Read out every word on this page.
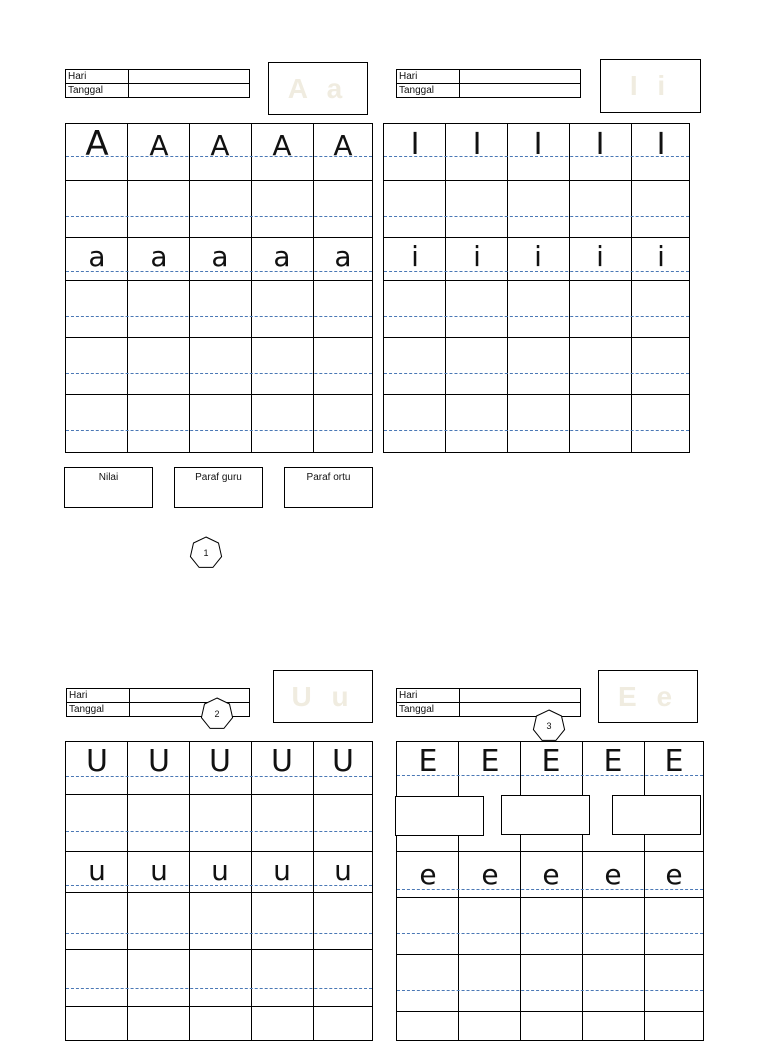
Hari
Tanggal	A a
A	A	A	A	A
a	a	a	a	a
Hari
Tanggal	I i
I	I	I	I	I
i	i	i	i	i
Nilai	Paraf guru	Paraf ortu
1
Hari
Tanggal	U u
2
U	U	U	U	U
u	u	u	u	u
Hari
Tanggal	E e
3
E	E	E	E	E
e	e	e	e	e
